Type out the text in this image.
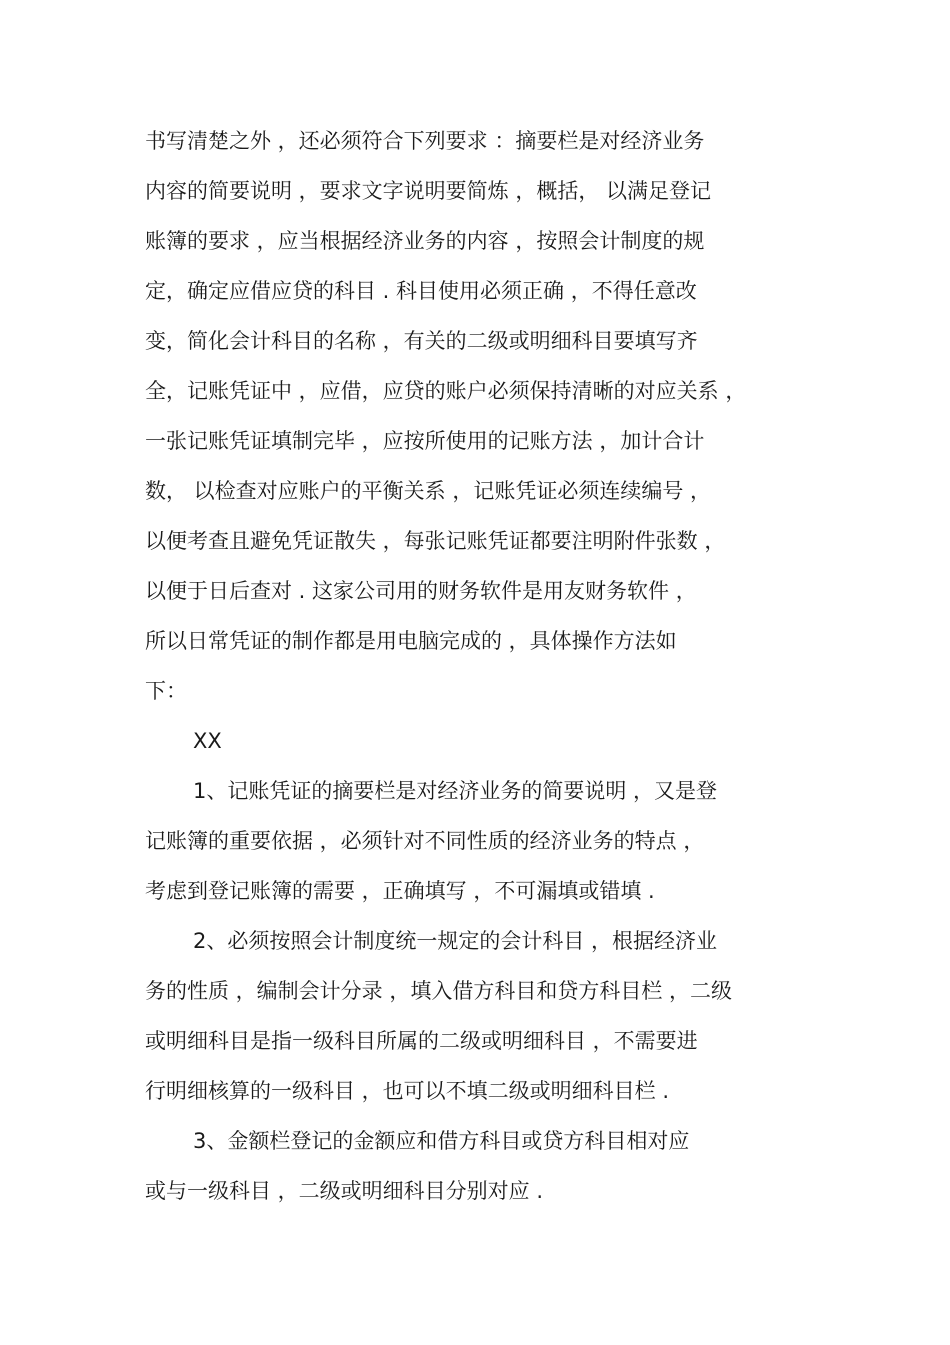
书写清楚之外 ，还必须符合下列要求 ：摘要栏是对经济业务
内容的简要说明 ，要求文字说明要简炼 ，概括， 以满足登记
账簿的要求 ，应当根据经济业务的内容 ，按照会计制度的规
定，确定应借应贷的科目 . 科目使用必须正确 ，不得任意改
变，简化会计科目的名称 ，有关的二级或明细科目要填写齐
全，记账凭证中 ，应借，应贷的账户必须保持清晰的对应关系 ，
一张记账凭证填制完毕 ，应按所使用的记账方法 ，加计合计
数， 以检查对应账户的平衡关系 ，记账凭证必须连续编号 ，
以便考查且避免凭证散失 ，每张记账凭证都要注明附件张数 ，
以便于日后查对 . 这家公司用的财务软件是用友财务软件 ，
所以日常凭证的制作都是用电脑完成的 ，具体操作方法如
下：
XX
1、记账凭证的摘要栏是对经济业务的简要说明 ，又是登
记账簿的重要依据 ，必须针对不同性质的经济业务的特点 ，
考虑到登记账簿的需要 ，正确填写 ，不可漏填或错填 .
2、必须按照会计制度统一规定的会计科目 ，根据经济业
务的性质 ，编制会计分录 ，填入借方科目和贷方科目栏 ，二级
或明细科目是指一级科目所属的二级或明细科目 ，不需要进
行明细核算的一级科目 ，也可以不填二级或明细科目栏 .
3、金额栏登记的金额应和借方科目或贷方科目相对应
或与一级科目 ，二级或明细科目分别对应 .
